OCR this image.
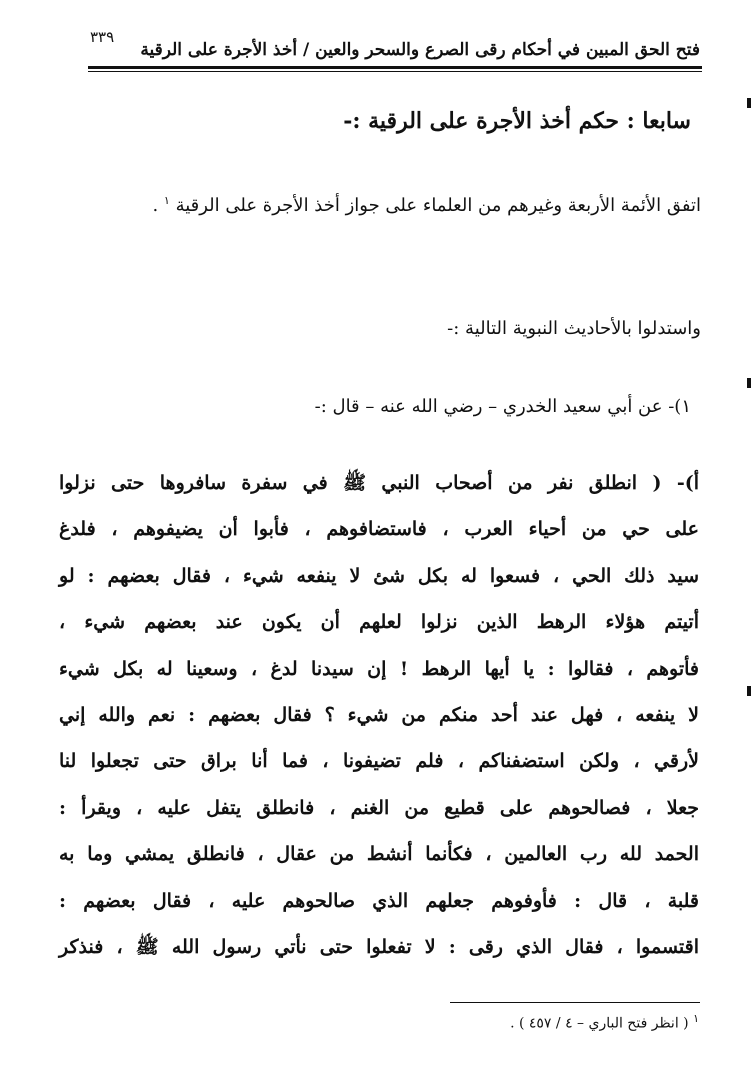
فتح الحق المبين في أحكام رقى الصرع والسحر والعين / أخذ الأجرة على الرقية
٣٣٩
سابعا : حكم أخذ الأجرة على الرقية :-
اتفق الأئمة الأربعة وغيرهم من العلماء على جواز أخذ الأجرة على الرقية $^١$ .
واستدلوا بالأحاديث النبوية التالية :-
١)- عن أبي سعيد الخدري – رضي الله عنه – قال :-
أ)- ( انطلق نفر من أصحاب النبي ﷺ في سفرة سافروها حتى نزلوا
على حي من أحياء العرب ، فاستضافوهم ، فأبوا أن يضيفوهم ، فلدغ
سيد ذلك الحي ، فسعوا له بكل شئ لا ينفعه شيء ، فقال بعضهم : لو
أتيتم هؤلاء الرهط الذين نزلوا لعلهم أن يكون عند بعضهم شيء ،
فأتوهم ، فقالوا : يا أيها الرهط ! إن سيدنا لدغ ، وسعينا له بكل شيء
لا ينفعه ، فهل عند أحد منكم من شيء ؟ فقال بعضهم : نعم والله إني
لأرقي ، ولكن استضفناكم ، فلم تضيفونا ، فما أنا براق حتى تجعلوا لنا
جعلا ، فصالحوهم على قطيع من الغنم ، فانطلق يتفل عليه ، ويقرأ :
الحمد لله رب العالمين ، فكأنما أنشط من عقال ، فانطلق يمشي وما به
قلبة ، قال : فأوفوهم جعلهم الذي صالحوهم عليه ، فقال بعضهم :
اقتسموا ، فقال الذي رقى : لا تفعلوا حتى نأتي رسول الله ﷺ ، فنذكر
$^١$ ( انظر فتح الباري – ٤ / ٤٥٧ ) .
